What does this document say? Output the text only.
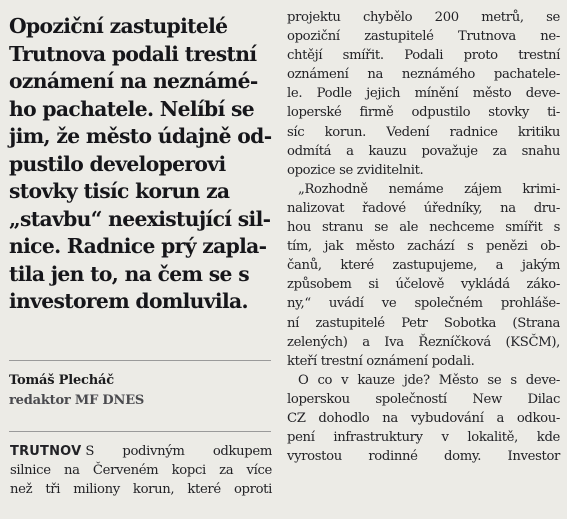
Opoziční zastupitelé
Trutnova podali trestní
oznámení na neznámé-
ho pachatele. Nelíbí se
jim, že město údajně od-
pustilo developerovi
stovky tisíc korun za
„stavbu“ neexistující sil-
nice. Radnice prý zapla-
tila jen to, na čem se s
investorem domluvila.
Tomáš Plecháč
redaktor MF DNES
TRUTNOV S podivným odkupem
silnice na Červeném kopci za více
než tři miliony korun, které oproti
projektu chybělo 200 metrů, se
opoziční zastupitelé Trutnova ne-
chtějí smířit. Podali proto trestní
oznámení na neznámého pachatele-
le. Podle jejich mínění město deve-
loperské firmě odpustilo stovky ti-
síc korun. Vedení radnice kritiku
odmítá a kauzu považuje za snahu
opozice se zviditelnit.
„Rozhodně nemáme zájem krimi-
nalizovat řadové úředníky, na dru-
hou stranu se ale nechceme smířit s
tím, jak město zachází s penězi ob-
čanů, které zastupujeme, a jakým
způsobem si účelově vykládá záko-
ny,“ uvádí ve společném prohláše-
ní zastupitelé Petr Sobotka (Strana
zelených) a Iva Řezníčková (KSČM),
kteří trestní oznámení podali.
O co v kauze jde? Město se s deve-
loperskou společností New Dilac
CZ dohodlo na vybudování a odkou-
pení infrastruktury v lokalitě, kde
vyrostou rodinné domy. Investor
